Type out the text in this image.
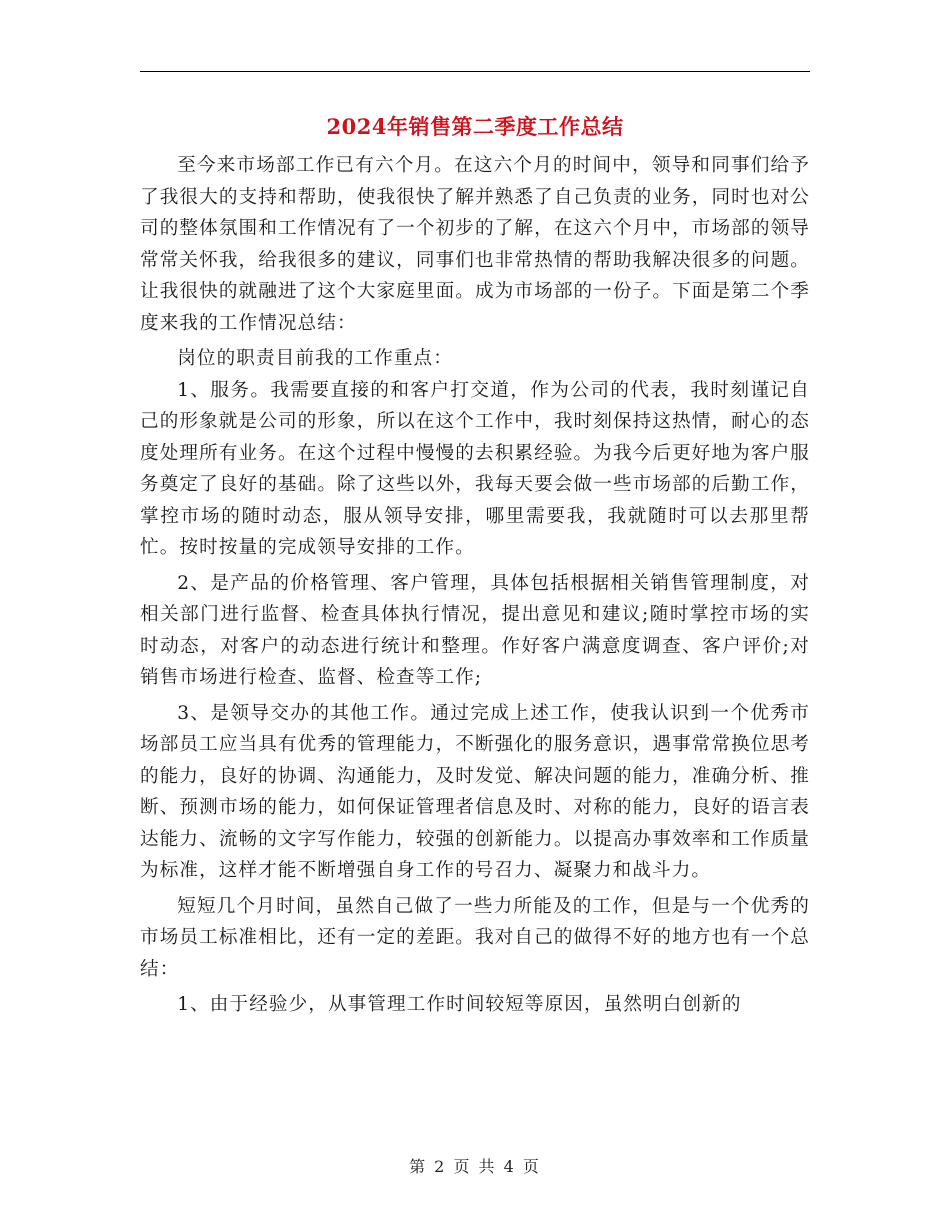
2024年销售第二季度工作总结

至今来市场部工作已有六个月。在这六个月的时间中，领导和同事们给予了我很大的支持和帮助，使我很快了解并熟悉了自己负责的业务，同时也对公司的整体氛围和工作情况有了一个初步的了解，在这六个月中，市场部的领导常常关怀我，给我很多的建议，同事们也非常热情的帮助我解决很多的问题。让我很快的就融进了这个大家庭里面。成为市场部的一份子。下面是第二个季度来我的工作情况总结：

岗位的职责目前我的工作重点：

1、服务。我需要直接的和客户打交道，作为公司的代表，我时刻谨记自己的形象就是公司的形象，所以在这个工作中，我时刻保持这热情，耐心的态度处理所有业务。在这个过程中慢慢的去积累经验。为我今后更好地为客户服务奠定了良好的基础。除了这些以外，我每天要会做一些市场部的后勤工作，掌控市场的随时动态，服从领导安排，哪里需要我，我就随时可以去那里帮忙。按时按量的完成领导安排的工作。

2、是产品的价格管理、客户管理，具体包括根据相关销售管理制度，对相关部门进行监督、检查具体执行情况，提出意见和建议;随时掌控市场的实时动态，对客户的动态进行统计和整理。作好客户满意度调查、客户评价;对销售市场进行检查、监督、检查等工作;

3、是领导交办的其他工作。通过完成上述工作，使我认识到一个优秀市场部员工应当具有优秀的管理能力，不断强化的服务意识，遇事常常换位思考的能力，良好的协调、沟通能力，及时发觉、解决问题的能力，准确分析、推断、预测市场的能力，如何保证管理者信息及时、对称的能力，良好的语言表达能力、流畅的文字写作能力，较强的创新能力。以提高办事效率和工作质量为标准，这样才能不断增强自身工作的号召力、凝聚力和战斗力。

短短几个月时间，虽然自己做了一些力所能及的工作，但是与一个优秀的市场员工标准相比，还有一定的差距。我对自己的做得不好的地方也有一个总结：

1、由于经验少，从事管理工作时间较短等原因，虽然明白创新的

第 2 页 共 4 页
